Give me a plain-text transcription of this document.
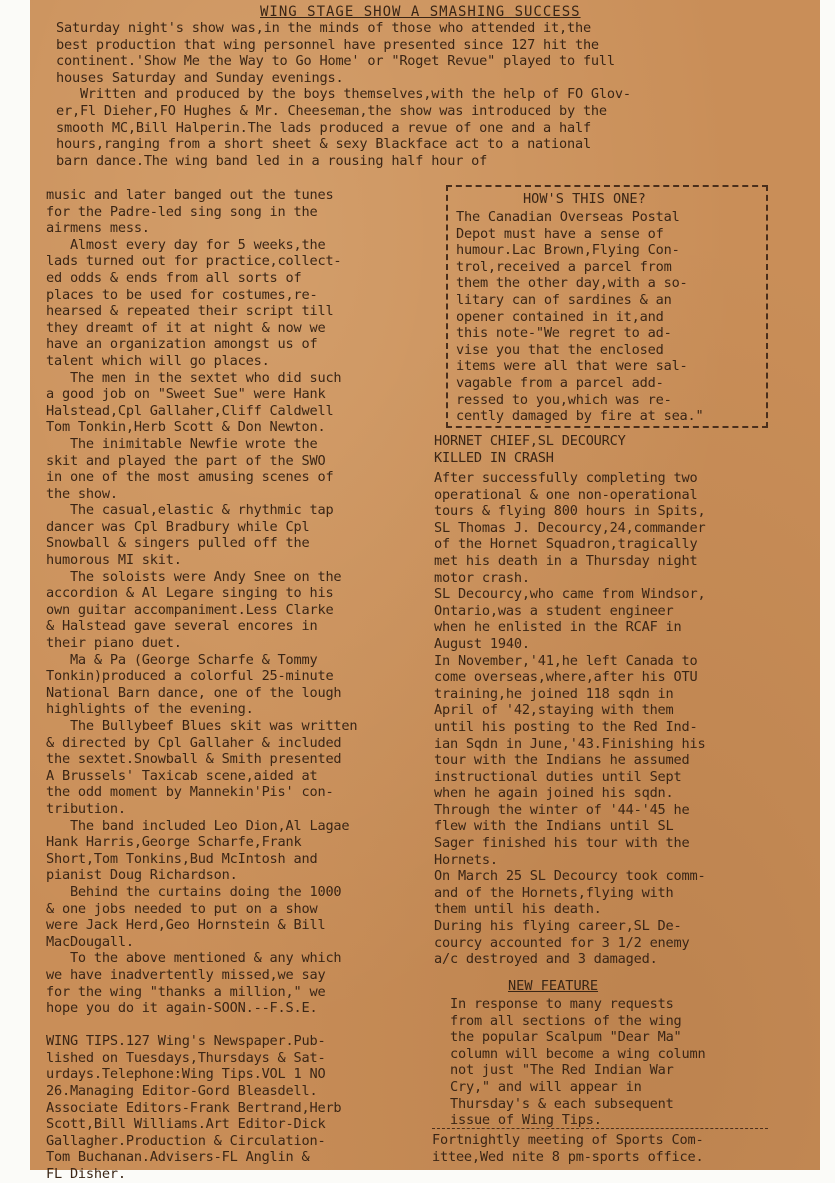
WING STAGE SHOW A SMASHING SUCCESS
Saturday night's show was,in the minds of those who attended it,the
best production that wing personnel have presented since 127 hit the
continent.'Show Me the Way to Go Home' or "Roget Revue" played to full
houses Saturday and Sunday evenings.
Written and produced by the boys themselves,with the help of FO Glov-
er,Fl Dieher,FO Hughes & Mr. Cheeseman,the show was introduced by the
smooth MC,Bill Halperin.The lads produced a revue of one and a half
hours,ranging from a short sheet & sexy Blackface act to a national
barn dance.The wing band led in a rousing half hour of
music and later banged out the tunes
for the Padre-led sing song in the
airmens mess.
Almost every day for 5 weeks,the
lads turned out for practice,collect-
ed odds & ends from all sorts of
places to be used for costumes,re-
hearsed & repeated their script till
they dreamt of it at night & now we
have an organization amongst us of
talent which will go places.
The men in the sextet who did such
a good job on "Sweet Sue" were Hank
Halstead,Cpl Gallaher,Cliff Caldwell
Tom Tonkin,Herb Scott & Don Newton.
The inimitable Newfie wrote the
skit and played the part of the SWO
in one of the most amusing scenes of
the show.
The casual,elastic & rhythmic tap
dancer was Cpl Bradbury while Cpl
Snowball & singers pulled off the
humorous MI skit.
The soloists were Andy Snee on the
accordion & Al Legare singing to his
own guitar accompaniment.Less Clarke
& Halstead gave several encores in
their piano duet.
Ma & Pa (George Scharfe & Tommy
Tonkin)produced a colorful 25-minute
National Barn dance, one of the lough
highlights of the evening.
The Bullybeef Blues skit was written
& directed by Cpl Gallaher & included
the sextet.Snowball & Smith presented
A Brussels' Taxicab scene,aided at
the odd moment by Mannekin'Pis' con-
tribution.
The band included Leo Dion,Al Lagae
Hank Harris,George Scharfe,Frank
Short,Tom Tonkins,Bud McIntosh and
pianist Doug Richardson.
Behind the curtains doing the 1000
& one jobs needed to put on a show
were Jack Herd,Geo Hornstein & Bill
MacDougall.
To the above mentioned & any which
we have inadvertently missed,we say
for the wing "thanks a million," we
hope you do it again-SOON.--F.S.E.

WING TIPS.127 Wing's Newspaper.Pub-
lished on Tuesdays,Thursdays & Sat-
urdays.Telephone:Wing Tips.VOL 1 NO
26.Managing Editor-Gord Bleasdell.
Associate Editors-Frank Bertrand,Herb
Scott,Bill Williams.Art Editor-Dick
Gallagher.Production & Circulation-
Tom Buchanan.Advisers-FL Anglin &
FL Disher.
HOW'S THIS ONE?
The Canadian Overseas Postal
Depot must have a sense of
humour.Lac Brown,Flying Con-
trol,received a parcel from
them the other day,with a so-
litary can of sardines & an
opener contained in it,and
this note-"We regret to ad-
vise you that the enclosed
items were all that were sal-
vagable from a parcel add-
ressed to you,which was re-
cently damaged by fire at sea."
HORNET CHIEF,SL DECOURCY
KILLED IN CRASH
After successfully completing two
operational & one non-operational
tours & flying 800 hours in Spits,
SL Thomas J. Decourcy,24,commander
of the Hornet Squadron,tragically
met his death in a Thursday night
motor crash.
SL Decourcy,who came from Windsor,
Ontario,was a student engineer
when he enlisted in the RCAF in
August 1940.
In November,'41,he left Canada to
come overseas,where,after his OTU
training,he joined 118 sqdn in
April of '42,staying with them
until his posting to the Red Ind-
ian Sqdn in June,'43.Finishing his
tour with the Indians he assumed
instructional duties until Sept
when he again joined his sqdn.
Through the winter of '44-'45 he
flew with the Indians until SL
Sager finished his tour with the
Hornets.
On March 25 SL Decourcy took comm-
and of the Hornets,flying with
them until his death.
During his flying career,SL De-
courcy accounted for 3 1/2 enemy
a/c destroyed and 3 damaged.
NEW FEATURE
In response to many requests
from all sections of the wing
the popular Scalpum "Dear Ma"
column will become a wing column
not just "The Red Indian War
Cry," and will appear in
Thursday's & each subsequent
issue of Wing Tips.
Fortnightly meeting of Sports Com-
ittee,Wed nite 8 pm-sports office.
